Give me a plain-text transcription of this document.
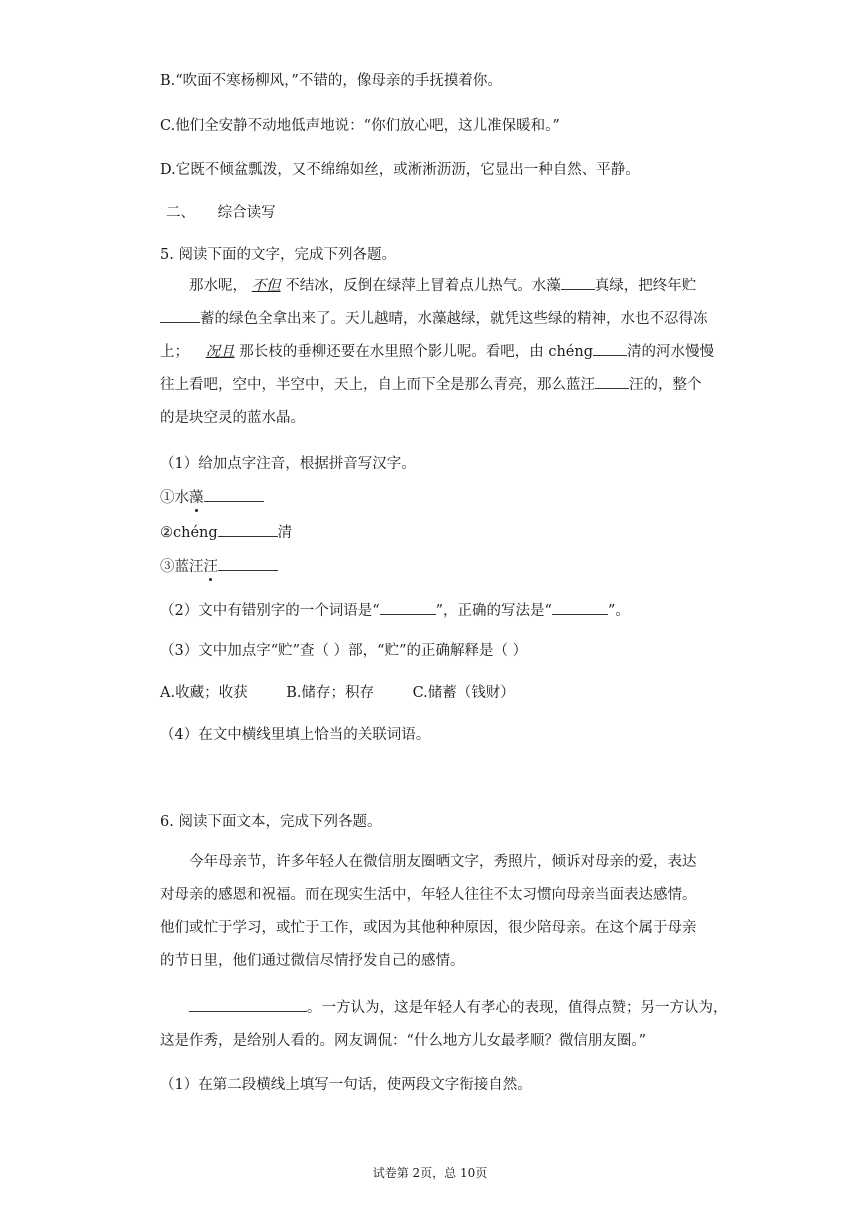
B.“吹面不寒杨柳风，”不错的，像母亲的手抚摸着你。
C.他们全安静不动地低声地说：“你们放心吧，这儿准保暖和。”
D.它既不倾盆瓢泼，又不绵绵如丝，或淅淅沥沥，它显出一种自然、平静。
二、 综合读写
5. 阅读下面的文字，完成下列各题。
那水呢， 不但 不结冰，反倒在绿萍上冒着点儿热气。水藻 真绿，把终年贮
蓄的绿色全拿出来了。天儿越晴，水藻越绿，就凭这些绿的精神，水也不忍得冻
上； 况且 那长枝的垂柳还要在水里照个影儿呢。看吧，由 chéng 清的河水慢慢
往上看吧，空中，半空中，天上，自上而下全是那么青亮，那么蓝汪 汪的，整个
的是块空灵的蓝水晶。
（1）给加点字注音，根据拼音写汉字。
①水藻
②chéng	清
③蓝汪汪
（2）文中有错别字的一个词语是“	”，正确的写法是“	”。
（3）文中加点字“贮”查（ ）部，“贮”的正确解释是（ ）
A.收藏；收获	B.储存；积存	C.储蓄（钱财）
（4）在文中横线里填上恰当的关联词语。
6. 阅读下面文本，完成下列各题。
今年母亲节，许多年轻人在微信朋友圈晒文字，秀照片，倾诉对母亲的爱，表达
对母亲的感恩和祝福。而在现实生活中，年轻人往往不太习惯向母亲当面表达感情。
他们或忙于学习，或忙于工作，或因为其他种种原因，很少陪母亲。在这个属于母亲
的节日里，他们通过微信尽情抒发自己的感情。
。一方认为，这是年轻人有孝心的表现，值得点赞；另一方认为，
这是作秀，是给别人看的。网友调侃：“什么地方儿女最孝顺？微信朋友圈。”
（1）在第二段横线上填写一句话，使两段文字衔接自然。
试卷第 2页，总 10页
